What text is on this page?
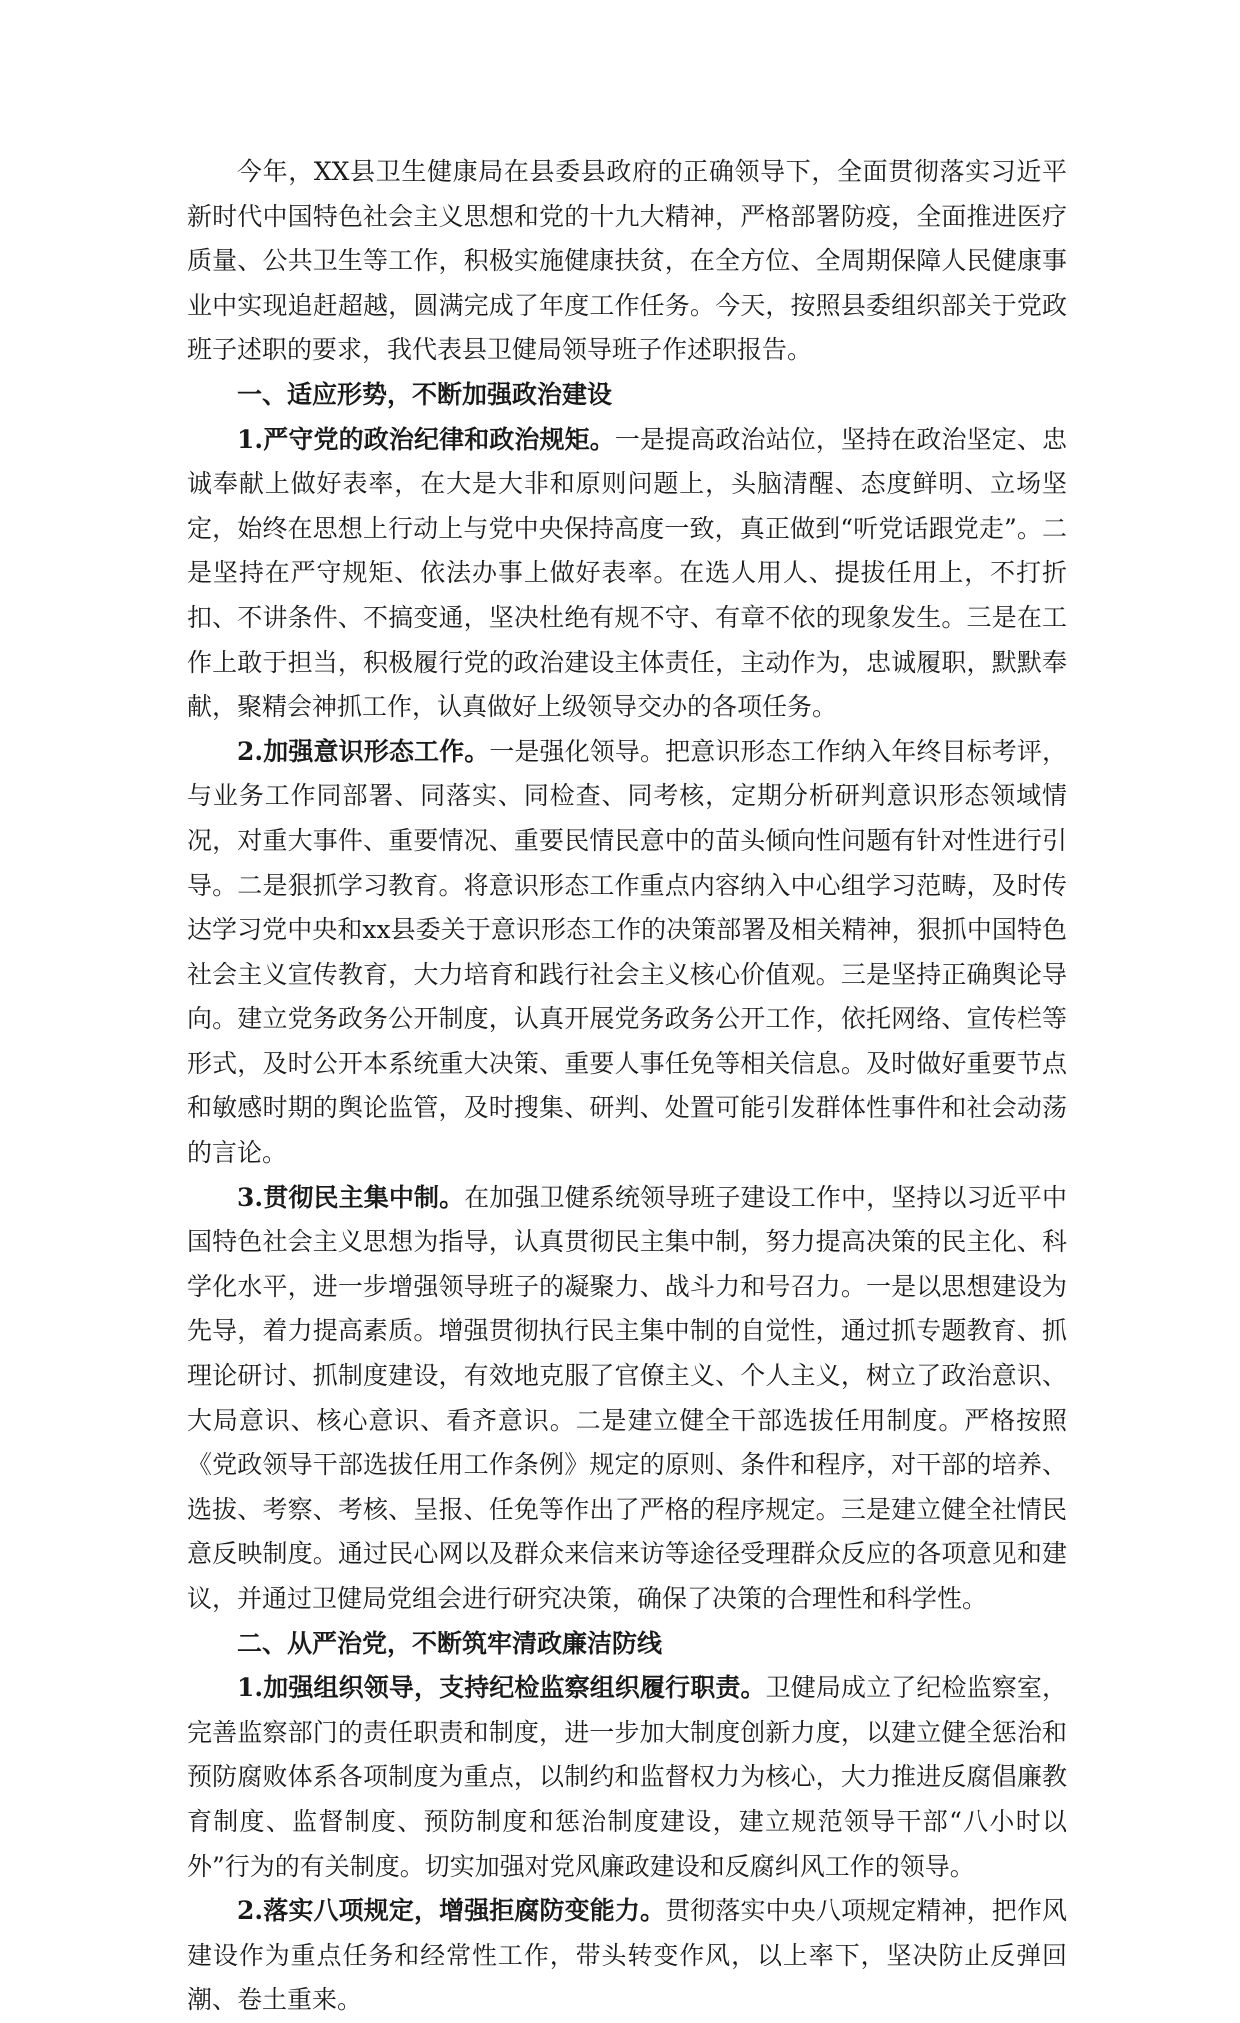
今年，XX县卫生健康局在县委县政府的正确领导下，全面贯彻落实习近平新时代中国特色社会主义思想和党的十九大精神，严格部署防疫，全面推进医疗质量、公共卫生等工作，积极实施健康扶贫，在全方位、全周期保障人民健康事业中实现追赶超越，圆满完成了年度工作任务。今天，按照县委组织部关于党政班子述职的要求，我代表县卫健局领导班子作述职报告。

一、适应形势，不断加强政治建设

1.严守党的政治纪律和政治规矩。一是提高政治站位，坚持在政治坚定、忠诚奉献上做好表率，在大是大非和原则问题上，头脑清醒、态度鲜明、立场坚定，始终在思想上行动上与党中央保持高度一致，真正做到“听党话跟党走”。二是坚持在严守规矩、依法办事上做好表率。在选人用人、提拔任用上，不打折扣、不讲条件、不搞变通，坚决杜绝有规不守、有章不依的现象发生。三是在工作上敢于担当，积极履行党的政治建设主体责任，主动作为，忠诚履职，默默奉献，聚精会神抓工作，认真做好上级领导交办的各项任务。

2.加强意识形态工作。一是强化领导。把意识形态工作纳入年终目标考评，与业务工作同部署、同落实、同检查、同考核，定期分析研判意识形态领域情况，对重大事件、重要情况、重要民情民意中的苗头倾向性问题有针对性进行引导。二是狠抓学习教育。将意识形态工作重点内容纳入中心组学习范畴，及时传达学习党中央和xx县委关于意识形态工作的决策部署及相关精神，狠抓中国特色社会主义宣传教育，大力培育和践行社会主义核心价值观。三是坚持正确舆论导向。建立党务政务公开制度，认真开展党务政务公开工作，依托网络、宣传栏等形式，及时公开本系统重大决策、重要人事任免等相关信息。及时做好重要节点和敏感时期的舆论监管，及时搜集、研判、处置可能引发群体性事件和社会动荡的言论。

3.贯彻民主集中制。在加强卫健系统领导班子建设工作中，坚持以习近平中国特色社会主义思想为指导，认真贯彻民主集中制，努力提高决策的民主化、科学化水平，进一步增强领导班子的凝聚力、战斗力和号召力。一是以思想建设为先导，着力提高素质。增强贯彻执行民主集中制的自觉性，通过抓专题教育、抓理论研讨、抓制度建设，有效地克服了官僚主义、个人主义，树立了政治意识、大局意识、核心意识、看齐意识。二是建立健全干部选拔任用制度。严格按照《党政领导干部选拔任用工作条例》规定的原则、条件和程序，对干部的培养、选拔、考察、考核、呈报、任免等作出了严格的程序规定。三是建立健全社情民意反映制度。通过民心网以及群众来信来访等途径受理群众反应的各项意见和建议，并通过卫健局党组会进行研究决策，确保了决策的合理性和科学性。

二、从严治党，不断筑牢清政廉洁防线

1.加强组织领导，支持纪检监察组织履行职责。卫健局成立了纪检监察室，完善监察部门的责任职责和制度，进一步加大制度创新力度，以建立健全惩治和预防腐败体系各项制度为重点，以制约和监督权力为核心，大力推进反腐倡廉教育制度、监督制度、预防制度和惩治制度建设，建立规范领导干部“八小时以外”行为的有关制度。切实加强对党风廉政建设和反腐纠风工作的领导。

2.落实八项规定，增强拒腐防变能力。贯彻落实中央八项规定精神，把作风建设作为重点任务和经常性工作，带头转变作风，以上率下，坚决防止反弹回潮、卷土重来。
